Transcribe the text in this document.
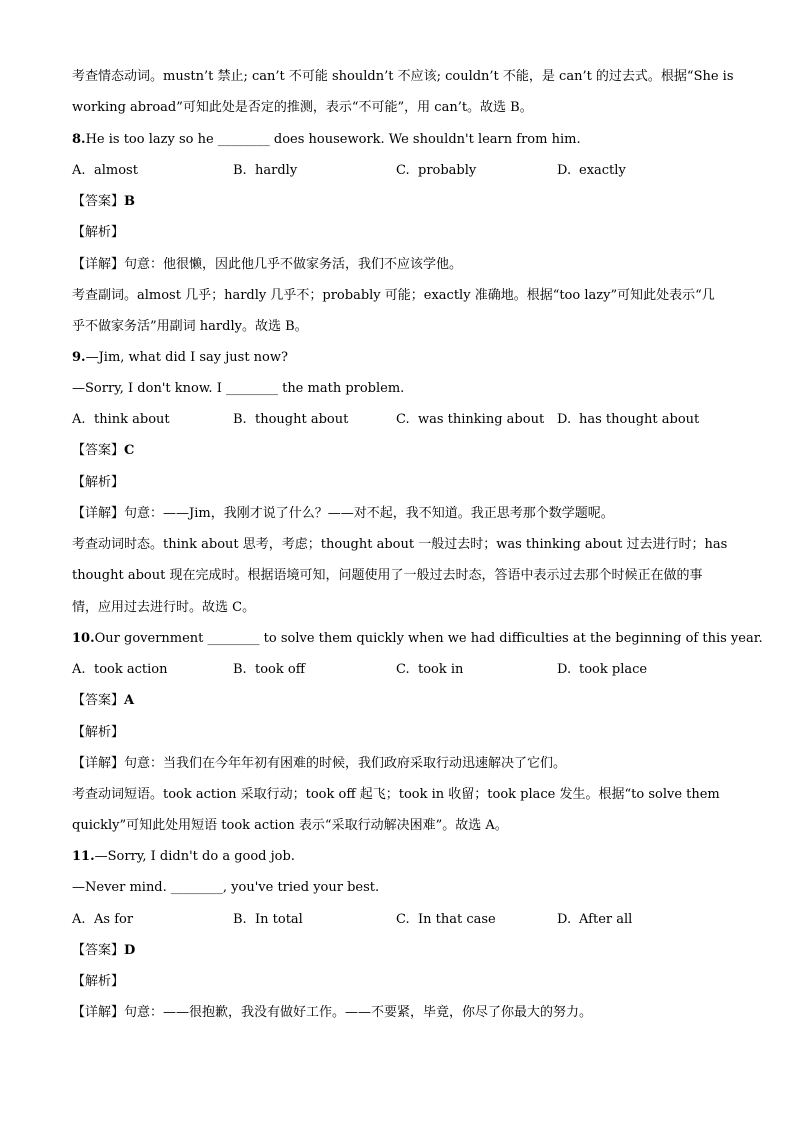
考查情态动词。mustn’t 禁止; can’t 不可能 shouldn’t 不应该; couldn’t 不能，是 can’t 的过去式。根据“She is
working abroad”可知此处是否定的推测，表示“不可能”，用 can’t。故选 B。
8.He is too lazy so he ________ does housework. We shouldn't learn from him.
A. almost	B. hardly	C. probably	D. exactly
【答案】B
【解析】
【详解】句意：他很懒，因此他几乎不做家务活，我们不应该学他。
考查副词。almost 几乎；hardly 几乎不；probably 可能；exactly 准确地。根据“too lazy”可知此处表示“几
乎不做家务活”用副词 hardly。故选 B。
9.—Jim, what did I say just now?
—Sorry, I don't know. I ________ the math problem.
A. think about	B. thought about	C. was thinking about D. has thought about
【答案】C
【解析】
【详解】句意：——Jim，我刚才说了什么？——对不起，我不知道。我正思考那个数学题呢。
考查动词时态。think about 思考，考虑；thought about 一般过去时；was thinking about 过去进行时；has
thought about 现在完成时。根据语境可知，问题使用了一般过去时态，答语中表示过去那个时候正在做的事
情，应用过去进行时。故选 C。
10.Our government ________ to solve them quickly when we had difficulties at the beginning of this year.
A. took action	B. took off	C. took in	D. took place
【答案】A
【解析】
【详解】句意：当我们在今年年初有困难的时候，我们政府采取行动迅速解决了它们。
考查动词短语。took action 采取行动；took off 起飞；took in 收留；took place 发生。根据“to solve them
quickly”可知此处用短语 took action 表示“采取行动解决困难”。故选 A。
11.—Sorry, I didn't do a good job.
—Never mind. ________, you've tried your best.
A. As for	B. In total	C. In that case	D. After all
【答案】D
【解析】
【详解】句意：——很抱歉，我没有做好工作。——不要紧，毕竟，你尽了你最大的努力。
